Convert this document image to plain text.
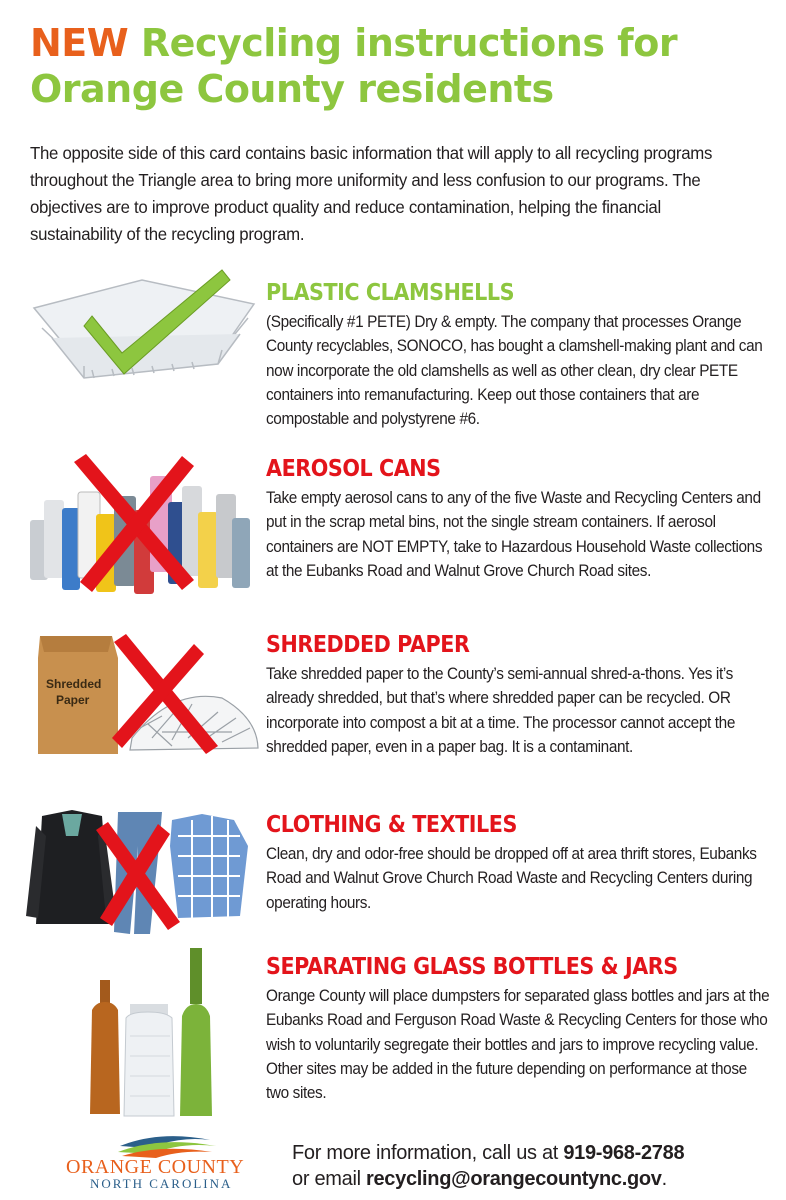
NEW Recycling instructions for
Orange County residents
The opposite side of this card contains basic information that will apply to all recycling programs throughout the Triangle area to bring more uniformity and less confusion to our programs. The objectives are to improve product quality and reduce contamination, helping the financial sustainability of the recycling program.
PLASTIC CLAMSHELLS
(Specifically #1 PETE) Dry & empty. The company that processes Orange County recyclables, SONOCO, has bought a clamshell-making plant and can now incorporate the old clamshells as well as other clean, dry clear PETE containers into remanufacturing. Keep out those containers that are compostable and polystyrene #6.
AEROSOL CANS
Take empty aerosol cans to any of the five Waste and Recycling Centers and put in the scrap metal bins, not the single stream containers. If aerosol containers are NOT EMPTY, take to Hazardous Household Waste collections at the Eubanks Road and Walnut Grove Church Road sites.
Shredded
Paper
SHREDDED PAPER
Take shredded paper to the County’s semi-annual shred-a-thons. Yes it’s already shredded, but that’s where shredded paper can be recycled. OR incorporate into compost a bit at a time. The processor cannot accept the shredded paper, even in a paper bag. It is a contaminant.
CLOTHING & TEXTILES
Clean, dry and odor-free should be dropped off at area thrift stores, Eubanks Road and Walnut Grove Church Road Waste and Recycling Centers during operating hours.
SEPARATING GLASS BOTTLES & JARS
Orange County will place dumpsters for separated glass bottles and jars at the Eubanks Road and Ferguson Road Waste & Recycling Centers for those who wish to voluntarily segregate their bottles and jars to improve recycling value. Other sites may be added in the future depending on performance at those two sites.
ORANGE COUNTY
NORTH CAROLINA
For more information, call us at 919-968-2788
or email recycling@orangecountync.gov.
